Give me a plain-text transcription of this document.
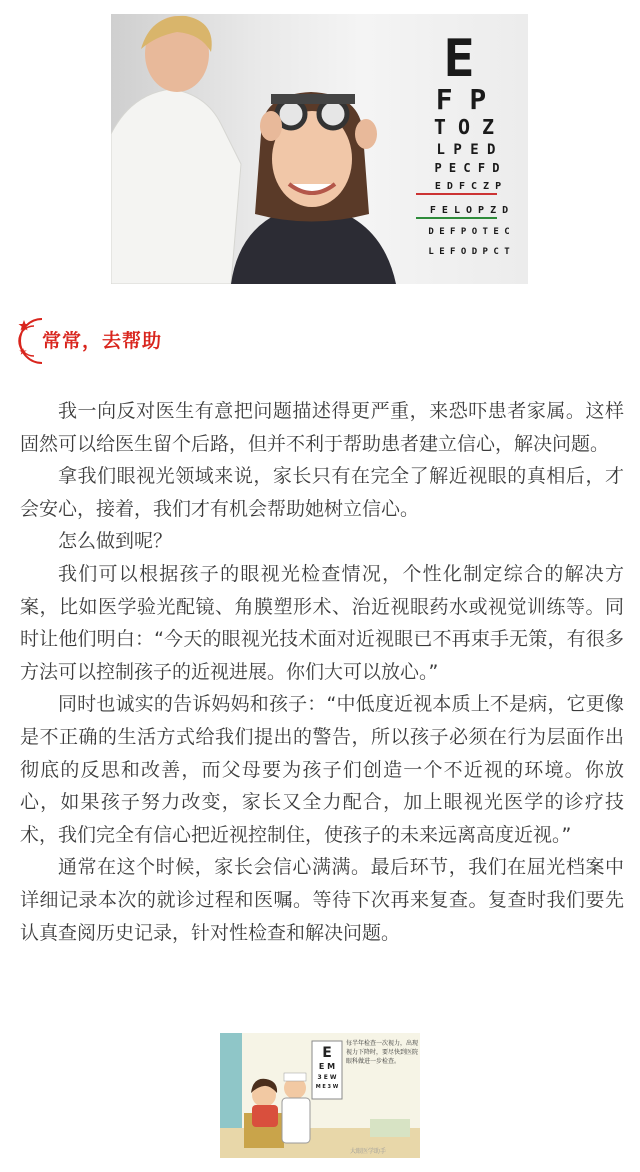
E
F P
T O Z
L P E D
P E C F D
E D F C Z P
F E L O P Z D
D E F P O T E C
L E F O D P C T
常常，去帮助

我一向反对医生有意把问题描述得更严重，来恐吓患者家属。这样固然可以给医生留个后路，但并不利于帮助患者建立信心，解决问题。

拿我们眼视光领域来说，家长只有在完全了解近视眼的真相后，才会安心，接着，我们才有机会帮助她树立信心。

怎么做到呢？

我们可以根据孩子的眼视光检查情况，个性化制定综合的解决方案，比如医学验光配镜、角膜塑形术、治近视眼药水或视觉训练等。同时让他们明白：“今天的眼视光技术面对近视眼已不再束手无策，有很多方法可以控制孩子的近视进展。你们大可以放心。”

同时也诚实的告诉妈妈和孩子：“中低度近视本质上不是病，它更像是不正确的生活方式给我们提出的警告，所以孩子必须在行为层面作出彻底的反思和改善，而父母要为孩子们创造一个不近视的环境。你放心，如果孩子努力改变，家长又全力配合，加上眼视光医学的诊疗技术，我们完全有信心把近视控制住，使孩子的未来远离高度近视。”

通常在这个时候，家长会信心满满。最后环节，我们在屈光档案中详细记录本次的就诊过程和医嘱。等待下次再来复查。复查时我们要先认真查阅历史记录，针对性检查和解决问题。

E
E M
3 E W
M E 3 W
每半年检查一次视力，出现视力下降时，要尽快到医院眼科做进一步检查。
大眼医学助手
